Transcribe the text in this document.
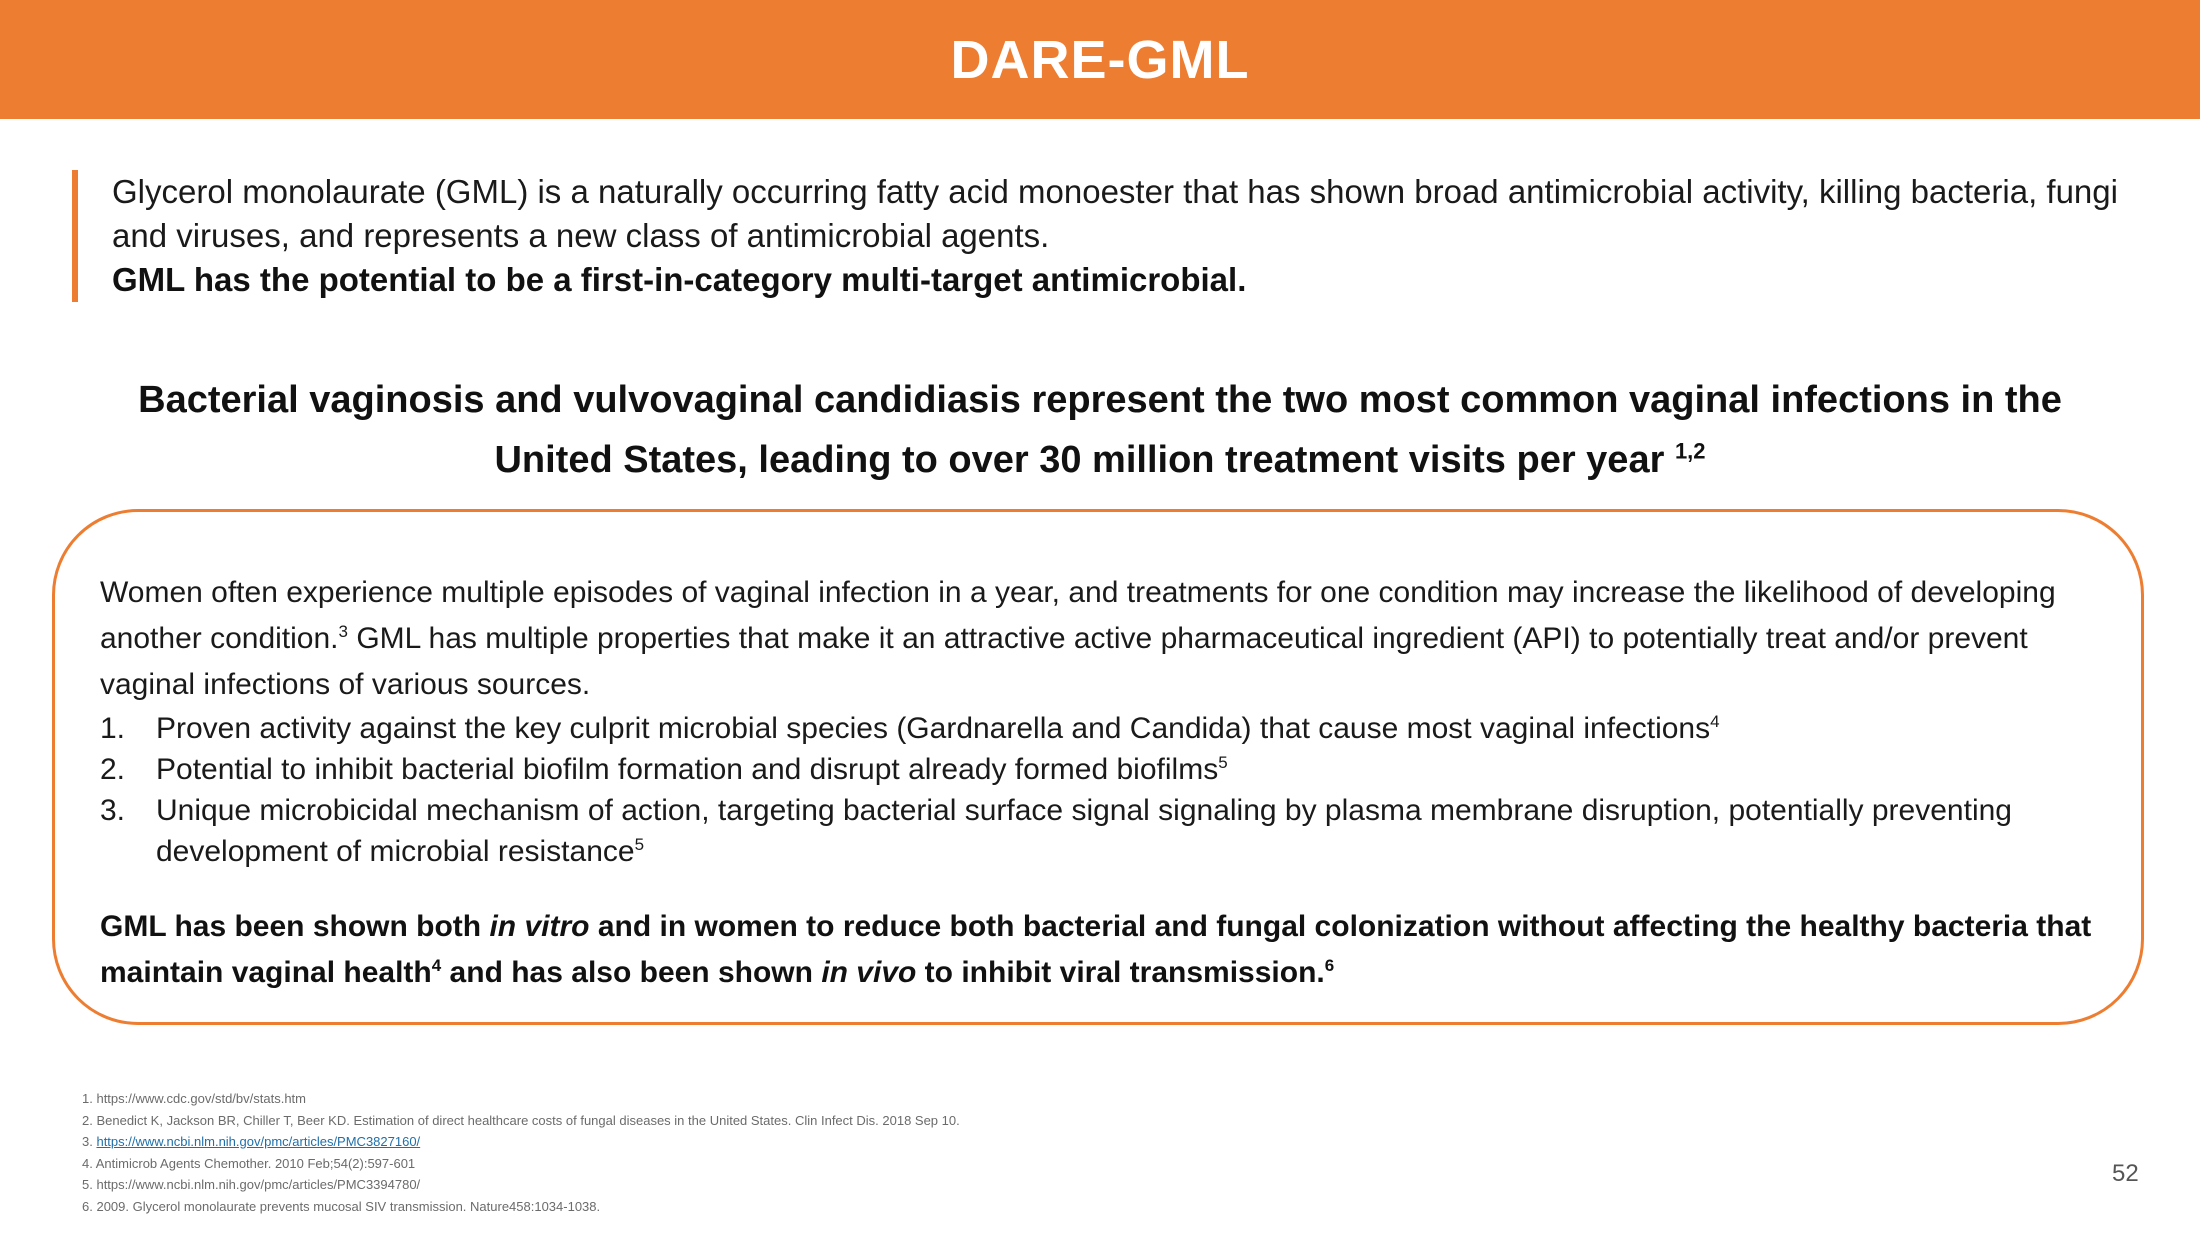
DARE-GML

Glycerol monolaurate (GML) is a naturally occurring fatty acid monoester that has shown broad antimicrobial activity, killing bacteria, fungi and viruses, and represents a new class of antimicrobial agents.

GML has the potential to be a first-in-category multi-target antimicrobial.

Bacterial vaginosis and vulvovaginal candidiasis represent the two most common vaginal infections in the United States, leading to over 30 million treatment visits per year $^{1,2}$

Women often experience multiple episodes of vaginal infection in a year, and treatments for one condition may increase the likelihood of developing another condition.$^3$ GML has multiple properties that make it an attractive active pharmaceutical ingredient (API) to potentially treat and/or prevent vaginal infections of various sources.

1. Proven activity against the key culprit microbial species (Gardnarella and Candida) that cause most vaginal infections$^4$
2. Potential to inhibit bacterial biofilm formation and disrupt already formed biofilms$^5$
3. Unique microbicidal mechanism of action, targeting bacterial surface signal signaling by plasma membrane disruption, potentially preventing development of microbial resistance$^5$

GML has been shown both in vitro and in women to reduce both bacterial and fungal colonization without affecting the healthy bacteria that maintain vaginal health$^4$ and has also been shown in vivo to inhibit viral transmission.$^6$

1. https://www.cdc.gov/std/bv/stats.htm
2. Benedict K, Jackson BR, Chiller T, Beer KD. Estimation of direct healthcare costs of fungal diseases in the United States. Clin Infect Dis. 2018 Sep 10.
3. https://www.ncbi.nlm.nih.gov/pmc/articles/PMC3827160/
4. Antimicrob Agents Chemother. 2010 Feb;54(2):597-601
5. https://www.ncbi.nlm.nih.gov/pmc/articles/PMC3394780/
6. 2009. Glycerol monolaurate prevents mucosal SIV transmission. Nature458:1034-1038.
52
